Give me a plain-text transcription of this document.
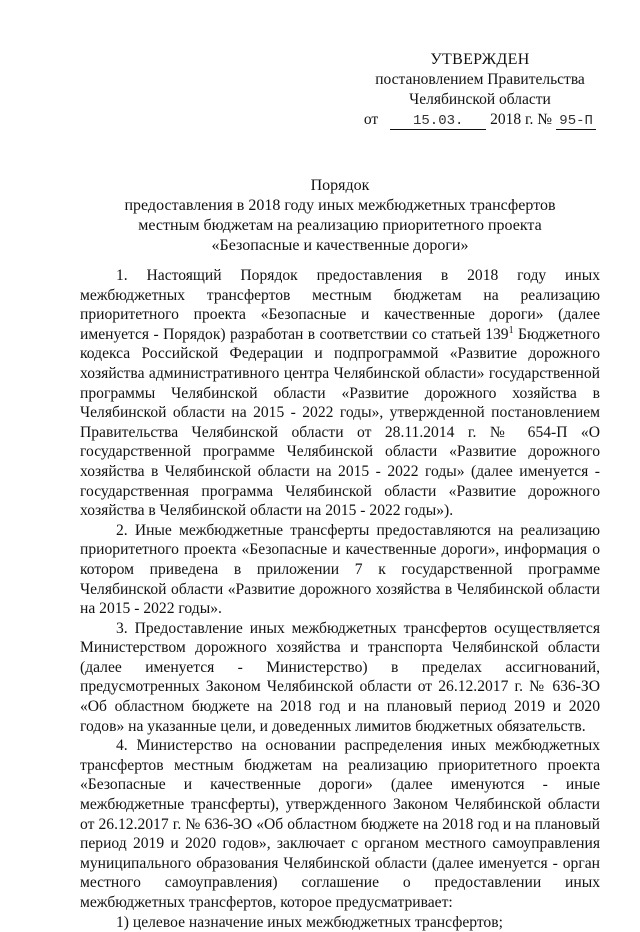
УТВЕРЖДЕН
постановлением Правительства
Челябинской области
от 15.03. 2018 г. № 95-П
Порядок
предоставления в 2018 году иных межбюджетных трансфертов
местным бюджетам на реализацию приоритетного проекта
«Безопасные и качественные дороги»

1. Настоящий Порядок предоставления в 2018 году иных межбюджетных трансфертов местным бюджетам на реализацию приоритетного проекта «Безопасные и качественные дороги» (далее именуется - Порядок) разработан в соответствии со статьей $139^1$ Бюджетного кодекса Российской Федерации и подпрограммой «Развитие дорожного хозяйства административного центра Челябинской области» государственной программы Челябинской области «Развитие дорожного хозяйства в Челябинской области на 2015 - 2022 годы», утвержденной постановлением Правительства Челябинской области от 28.11.2014 г. № 654-П «О государственной программе Челябинской области «Развитие дорожного хозяйства в Челябинской области на 2015 - 2022 годы» (далее именуется - государственная программа Челябинской области «Развитие дорожного хозяйства в Челябинской области на 2015 - 2022 годы»).

2. Иные межбюджетные трансферты предоставляются на реализацию приоритетного проекта «Безопасные и качественные дороги», информация о котором приведена в приложении 7 к государственной программе Челябинской области «Развитие дорожного хозяйства в Челябинской области на 2015 - 2022 годы».

3. Предоставление иных межбюджетных трансфертов осуществляется Министерством дорожного хозяйства и транспорта Челябинской области (далее именуется - Министерство) в пределах ассигнований, предусмотренных Законом Челябинской области от 26.12.2017 г. № 636-ЗО «Об областном бюджете на 2018 год и на плановый период 2019 и 2020 годов» на указанные цели, и доведенных лимитов бюджетных обязательств.

4. Министерство на основании распределения иных межбюджетных трансфертов местным бюджетам на реализацию приоритетного проекта «Безопасные и качественные дороги» (далее именуются - иные межбюджетные трансферты), утвержденного Законом Челябинской области от 26.12.2017 г. № 636-ЗО «Об областном бюджете на 2018 год и на плановый период 2019 и 2020 годов», заключает с органом местного самоуправления муниципального образования Челябинской области (далее именуется - орган местного самоуправления) соглашение о предоставлении иных межбюджетных трансфертов, которое предусматривает:

1) целевое назначение иных межбюджетных трансфертов;
